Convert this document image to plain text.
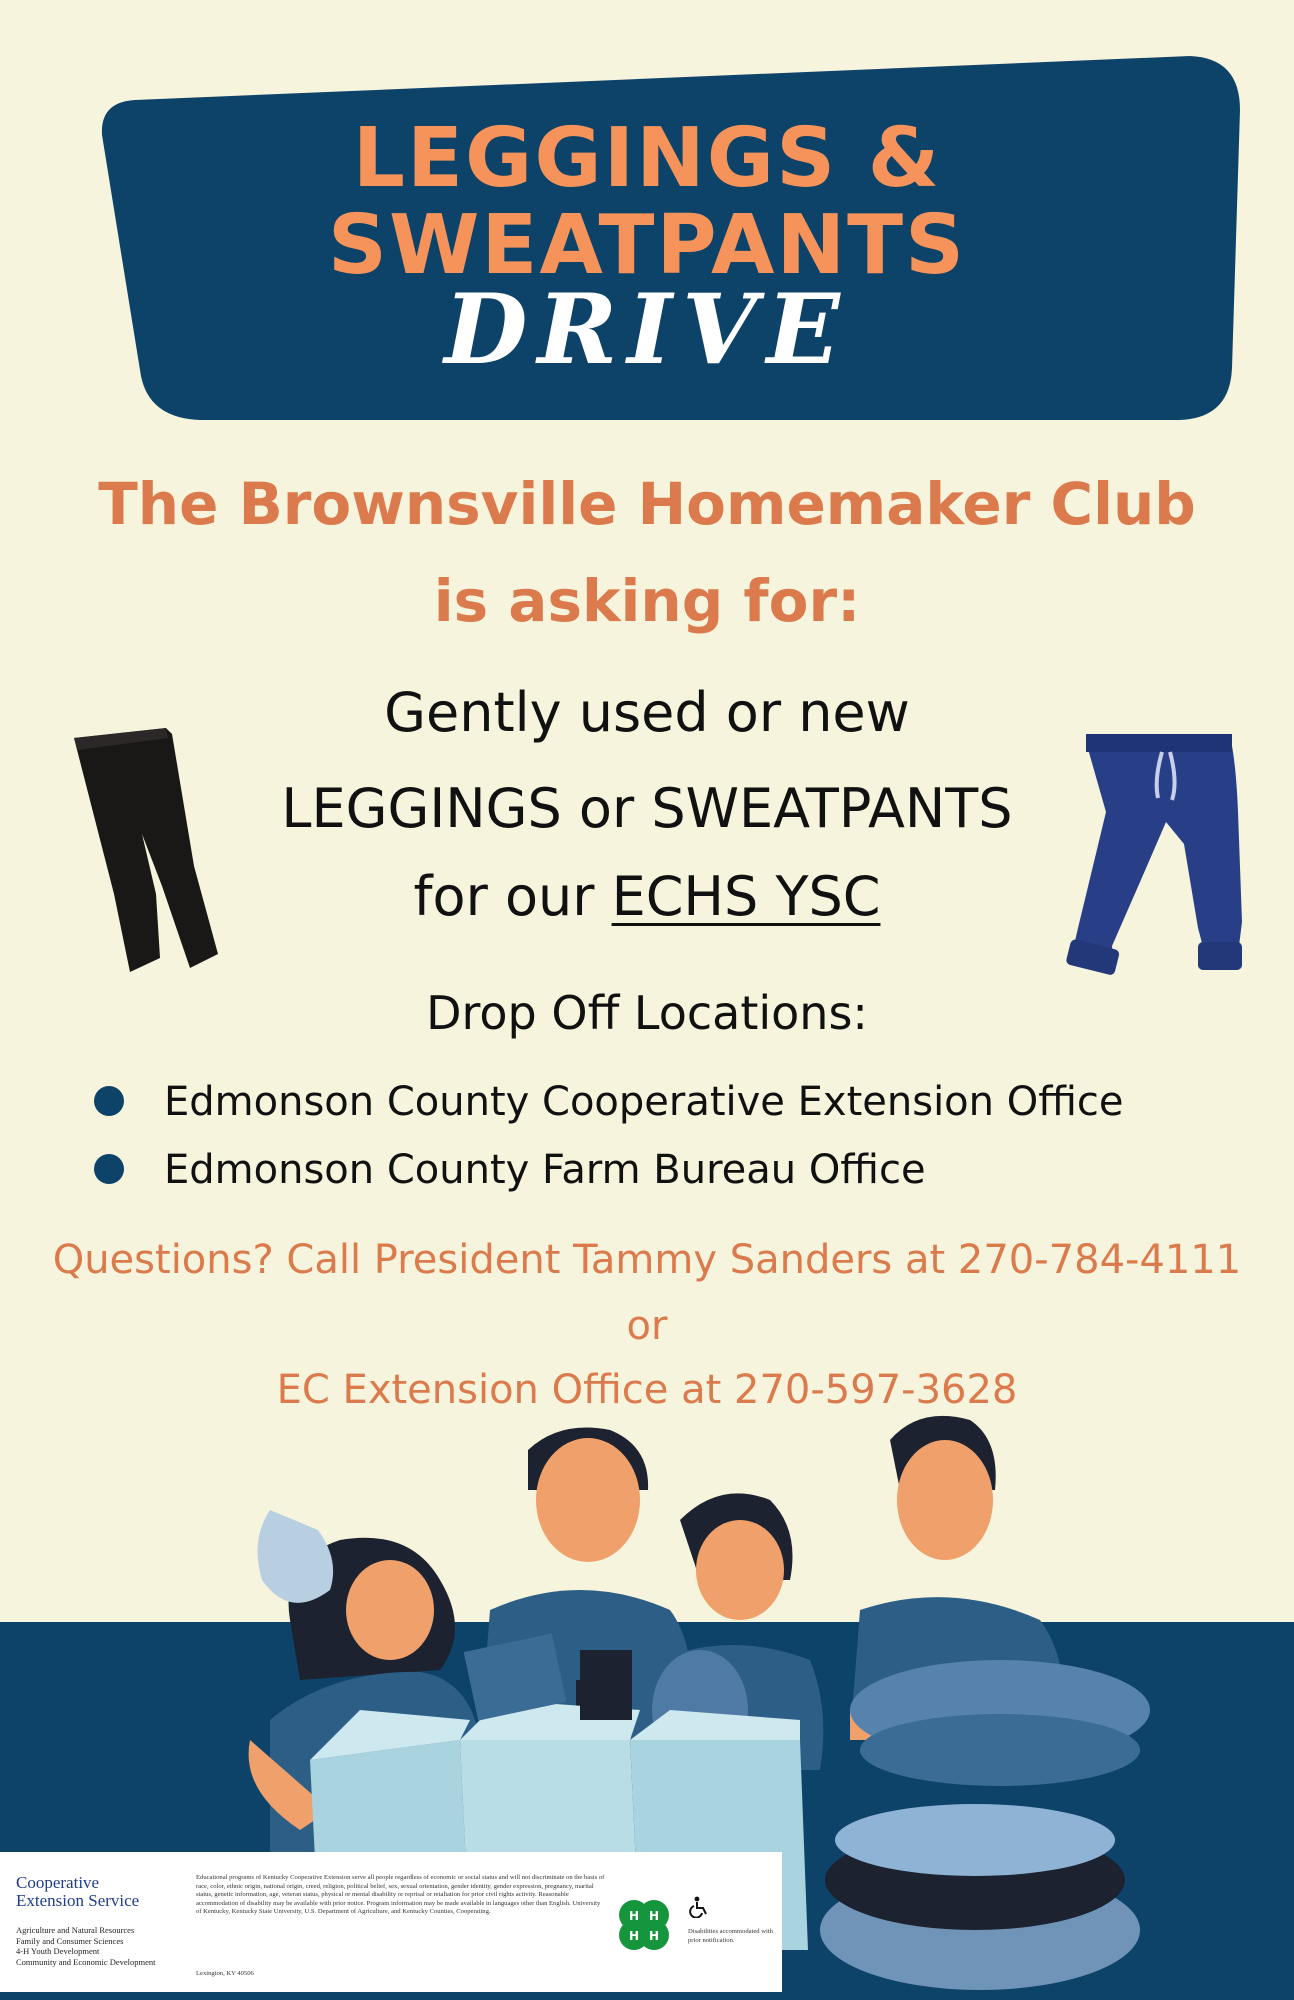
LEGGINGS &
SWEATPANTS
DRIVE
The Brownsville Homemaker Club
is asking for:
Gently used or new
LEGGINGS or SWEATPANTS
for our ECHS YSC
Drop Off Locations:
Edmonson County Cooperative Extension Office
Edmonson County Farm Bureau Office
Questions? Call President Tammy Sanders at 270-784-4111
or
EC Extension Office at 270-597-3628
Cooperative
Extension Service
Agriculture and Natural Resources
Family and Consumer Sciences
4-H Youth Development
Community and Economic Development
Educational programs of Kentucky Cooperative Extension serve all people regardless of economic or social status and will not discriminate on the basis of race, color, ethnic origin, national origin, creed, religion, political belief, sex, sexual orientation, gender identity, gender expression, pregnancy, marital status, genetic information, age, veteran status, physical or mental disability or reprisal or retaliation for prior civil rights activity. Reasonable accommodation of disability may be available with prior notice. Program information may be made available in languages other than English. University of Kentucky, Kentucky State University, U.S. Department of Agriculture, and Kentucky Counties, Cooperating.
Lexington, KY 40506
H H
H H	Disabilities accommodated with prior notification.
